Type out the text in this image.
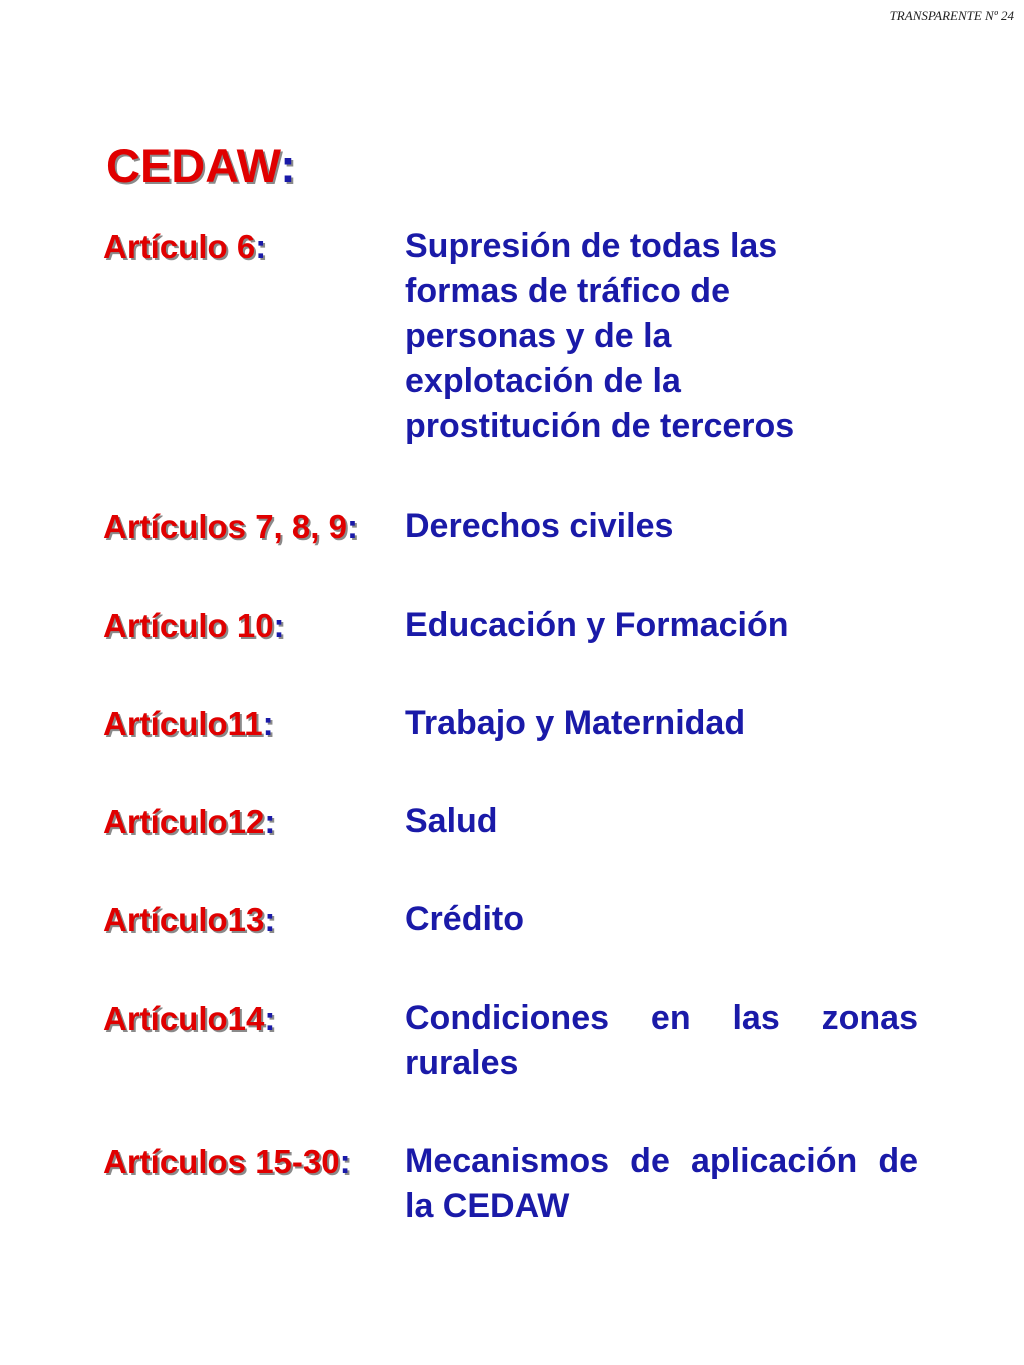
TRANSPARENTE Nº 24
CEDAW:
Artículo 6:	Supresión de todas las formas de tráfico de personas y de la explotación de la prostitución de terceros
Artículos 7, 8, 9:	Derechos civiles
Artículo 10:	Educación y Formación
Artículo11:	Trabajo y Maternidad
Artículo12:	Salud
Artículo13:	Crédito
Artículo14:	Condiciones en las zonas rurales
Artículos 15-30:	Mecanismos de aplicación de la CEDAW
